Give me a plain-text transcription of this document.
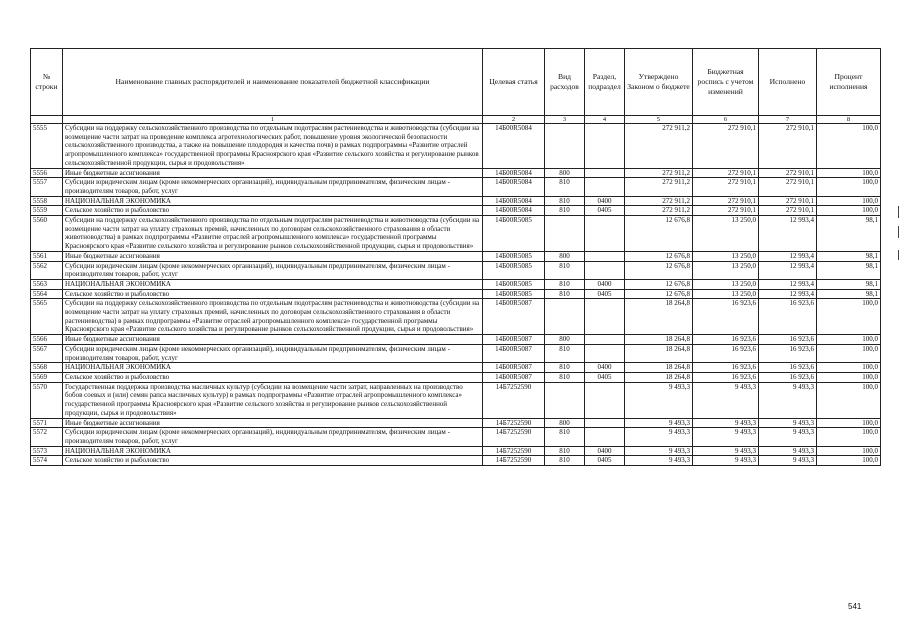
№ строки	Наименование главных распорядителей и наименование показателей бюджетной классификации	Целевая статья	Вид расходов	Раздел, подраздел	Утверждено Законом о бюджете	Бюджетная роспись с учетом изменений	Исполнено	Процент исполнения
	1	2	3	4	5	6	7	8
5555	Субсидии на поддержку сельскохозяйственного производства по отдельным подотраслям растениеводства и животноводства (субсидии на возмещение части затрат на проведение комплекса агротехнологических работ, повышение уровня экологической безопасности сельскохозяйственного производства, а также на повышение плодородия и качества почв) в рамках подпрограммы «Развитие отраслей агропромышленного комплекса» государственной программы Красноярского края «Развитие сельского хозяйства и регулирование рынков сельскохозяйственной продукции, сырья и продовольствия»	14Б00R5084			272 911,2	272 910,1	272 910,1	100,0
5556	Иные бюджетные ассигнования	14Б00R5084	800		272 911,2	272 910,1	272 910,1	100,0
5557	Субсидии юридическим лицам (кроме некоммерческих организаций), индивидуальным предпринимателям, физическим лицам - производителям товаров, работ, услуг	14Б00R5084	810		272 911,2	272 910,1	272 910,1	100,0
5558	НАЦИОНАЛЬНАЯ ЭКОНОМИКА	14Б00R5084	810	0400	272 911,2	272 910,1	272 910,1	100,0
5559	Сельское хозяйство и рыболовство	14Б00R5084	810	0405	272 911,2	272 910,1	272 910,1	100,0
5560	Субсидии на поддержку сельскохозяйственного производства по отдельным подотраслям растениеводства и животноводства (субсидии на возмещение части затрат на уплату страховых премий, начисленных по договорам сельскохозяйственного страхования в области животноводства) в рамках подпрограммы «Развитие отраслей агропромышленного комплекса» государственной программы Красноярского края «Развитие сельского хозяйства и регулирование рынков сельскохозяйственной продукции, сырья и продовольствия»	14Б00R5085			12 676,8	13 250,0	12 993,4	98,1
5561	Иные бюджетные ассигнования	14Б00R5085	800		12 676,8	13 250,0	12 993,4	98,1
5562	Субсидии юридическим лицам (кроме некоммерческих организаций), индивидуальным предпринимателям, физическим лицам - производителям товаров, работ, услуг	14Б00R5085	810		12 676,8	13 250,0	12 993,4	98,1
5563	НАЦИОНАЛЬНАЯ ЭКОНОМИКА	14Б00R5085	810	0400	12 676,8	13 250,0	12 993,4	98,1
5564	Сельское хозяйство и рыболовство	14Б00R5085	810	0405	12 676,8	13 250,0	12 993,4	98,1
5565	Субсидии на поддержку сельскохозяйственного производства по отдельным подотраслям растениеводства и животноводства (субсидии на возмещение части затрат на уплату страховых премий, начисленных по договорам сельскохозяйственного страхования в области растениеводства) в рамках подпрограммы «Развитие отраслей агропромышленного комплекса» государственной программы Красноярского края «Развитие сельского хозяйства и регулирование рынков сельскохозяйственной продукции, сырья и продовольствия»	14Б00R5087			18 264,8	16 923,6	16 923,6	100,0
5566	Иные бюджетные ассигнования	14Б00R5087	800		18 264,8	16 923,6	16 923,6	100,0
5567	Субсидии юридическим лицам (кроме некоммерческих организаций), индивидуальным предпринимателям, физическим лицам - производителям товаров, работ, услуг	14Б00R5087	810		18 264,8	16 923,6	16 923,6	100,0
5568	НАЦИОНАЛЬНАЯ ЭКОНОМИКА	14Б00R5087	810	0400	18 264,8	16 923,6	16 923,6	100,0
5569	Сельское хозяйство и рыболовство	14Б00R5087	810	0405	18 264,8	16 923,6	16 923,6	100,0
5570	Государственная поддержка производства масличных культур (субсидии на возмещение части затрат, направленных на производство бобов соевых и (или) семян рапса масличных культур) в рамках подпрограммы «Развитие отраслей агропромышленного комплекса» государственной программы Красноярского края «Развитие сельского хозяйства и регулирование рынков сельскохозяйственной продукции, сырья и продовольствия»	14Б7252590			9 493,3	9 493,3	9 493,3	100,0
5571	Иные бюджетные ассигнования	14Б7252590	800		9 493,3	9 493,3	9 493,3	100,0
5572	Субсидии юридическим лицам (кроме некоммерческих организаций), индивидуальным предпринимателям, физическим лицам - производителям товаров, работ, услуг	14Б7252590	810		9 493,3	9 493,3	9 493,3	100,0
5573	НАЦИОНАЛЬНАЯ ЭКОНОМИКА	14Б7252590	810	0400	9 493,3	9 493,3	9 493,3	100,0
5574	Сельское хозяйство и рыболовство	14Б7252590	810	0405	9 493,3	9 493,3	9 493,3	100,0
541
